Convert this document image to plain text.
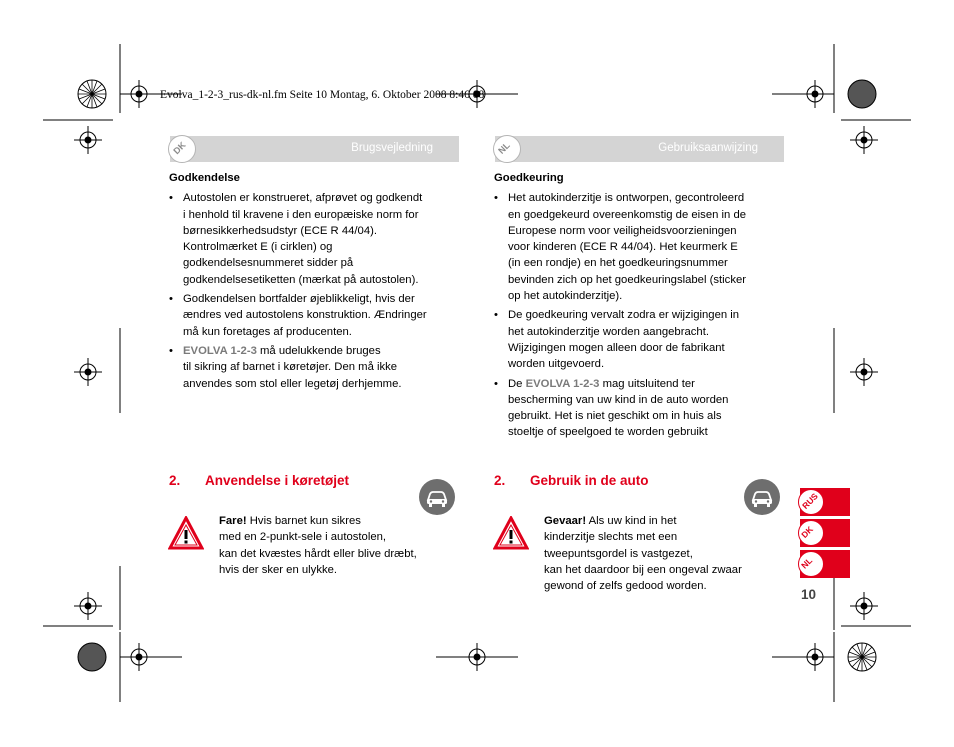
Evolva_1-2-3_rus-dk-nl.fm Seite 10 Montag, 6. Oktober 2008 8:46 08
DK	Brugsvejledning
Godkendelse
• Autostolen er konstrueret, afprøvet og godkendt
i henhold til kravene i den europæiske norm for
børnesikkerhedsudstyr (ECE R 44/04).
Kontrolmærket E (i cirklen) og
godkendelsesnummeret sidder på
godkendelsesetiketten (mærkat på autostolen).
• Godkendelsen bortfalder øjeblikkeligt, hvis der
ændres ved autostolens konstruktion. Ændringer
må kun foretages af producenten.
• EVOLVA 1-2-3 må udelukkende bruges
til sikring af barnet i køretøjer. Den må ikke
anvendes som stol eller legetøj derhjemme.
2. Anvendelse i køretøjet
Fare! Hvis barnet kun sikres
med en 2-punkt-sele i autostolen,
kan det kvæstes hårdt eller blive dræbt,
hvis der sker en ulykke.
NL	Gebruiksaanwijzing
Goedkeuring
• Het autokinderzitje is ontworpen, gecontroleerd
en goedgekeurd overeenkomstig de eisen in de
Europese norm voor veiligheidsvoorzieningen
voor kinderen (ECE R 44/04). Het keurmerk E
(in een rondje) en het goedkeuringsnummer
bevinden zich op het goedkeuringslabel (sticker
op het autokinderzitje).
• De goedkeuring vervalt zodra er wijzigingen in
het autokinderzitje worden aangebracht.
Wijzigingen mogen alleen door de fabrikant
worden uitgevoerd.
• De EVOLVA 1-2-3 mag uitsluitend ter
bescherming van uw kind in de auto worden
gebruikt. Het is niet geschikt om in huis als
stoeltje of speelgoed te worden gebruikt
2. Gebruik in de auto
Gevaar! Als uw kind in het
kinderzitje slechts met een
tweepuntsgordel is vastgezet,
kan het daardoor bij een ongeval zwaar
gewond of zelfs gedood worden.
RUS
DK
NL
10
